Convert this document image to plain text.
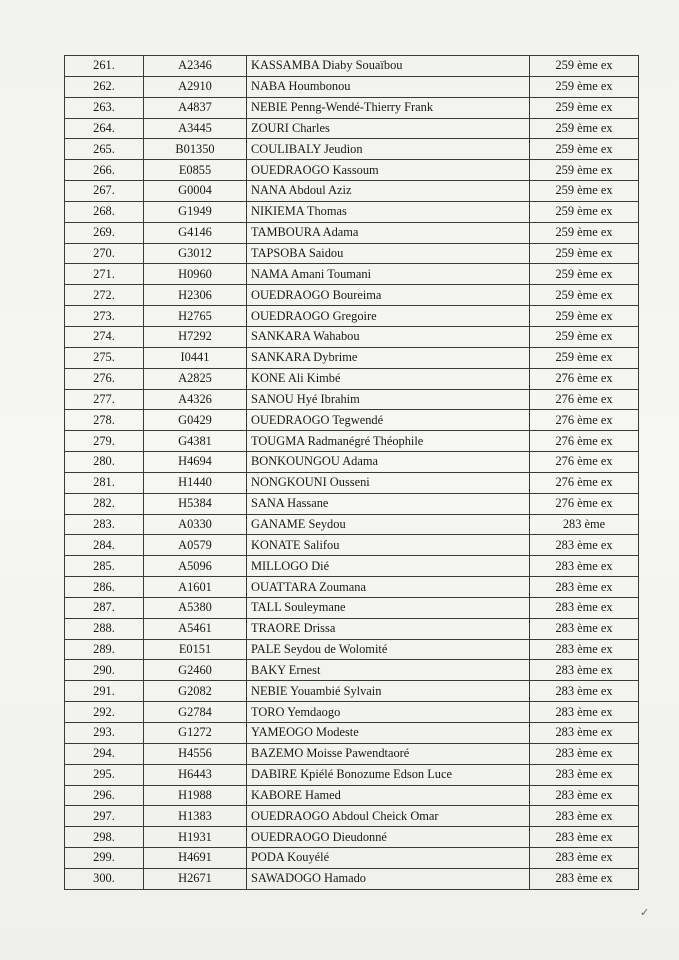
261.	A2346	KASSAMBA Diaby Souaïbou	259 ème ex
262.	A2910	NABA Houmbonou	259 ème ex
263.	A4837	NEBIE Penng-Wendé-Thierry Frank	259 ème ex
264.	A3445	ZOURI Charles	259 ème ex
265.	B01350	COULIBALY Jeudion	259 ème ex
266.	E0855	OUEDRAOGO Kassoum	259 ème ex
267.	G0004	NANA Abdoul Aziz	259 ème ex
268.	G1949	NIKIEMA Thomas	259 ème ex
269.	G4146	TAMBOURA Adama	259 ème ex
270.	G3012	TAPSOBA Saidou	259 ème ex
271.	H0960	NAMA Amani Toumani	259 ème ex
272.	H2306	OUEDRAOGO Boureima	259 ème ex
273.	H2765	OUEDRAOGO Gregoire	259 ème ex
274.	H7292	SANKARA Wahabou	259 ème ex
275.	I0441	SANKARA Dybrime	259 ème ex
276.	A2825	KONE Ali Kimbé	276 ème ex
277.	A4326	SANOU Hyé Ibrahim	276 ème ex
278.	G0429	OUEDRAOGO Tegwendé	276 ème ex
279.	G4381	TOUGMA Radmanégré Théophile	276 ème ex
280.	H4694	BONKOUNGOU Adama	276 ème ex
281.	H1440	NONGKOUNI Ousseni	276 ème ex
282.	H5384	SANA Hassane	276 ème ex
283.	A0330	GANAME Seydou	283 ème
284.	A0579	KONATE Salifou	283 ème ex
285.	A5096	MILLOGO Dié	283 ème ex
286.	A1601	OUATTARA Zoumana	283 ème ex
287.	A5380	TALL Souleymane	283 ème ex
288.	A5461	TRAORE Drissa	283 ème ex
289.	E0151	PALE Seydou de Wolomité	283 ème ex
290.	G2460	BAKY Ernest	283 ème ex
291.	G2082	NEBIE Youambié Sylvain	283 ème ex
292.	G2784	TORO Yemdaogo	283 ème ex
293.	G1272	YAMEOGO Modeste	283 ème ex
294.	H4556	BAZEMO Moisse Pawendtaoré	283 ème ex
295.	H6443	DABIRE Kpiélé Bonozume Edson Luce	283 ème ex
296.	H1988	KABORE Hamed	283 ème ex
297.	H1383	OUEDRAOGO Abdoul Cheick Omar	283 ème ex
298.	H1931	OUEDRAOGO Dieudonné	283 ème ex
299.	H4691	PODA Kouyélé	283 ème ex
300.	H2671	SAWADOGO Hamado	283 ème ex
✓
